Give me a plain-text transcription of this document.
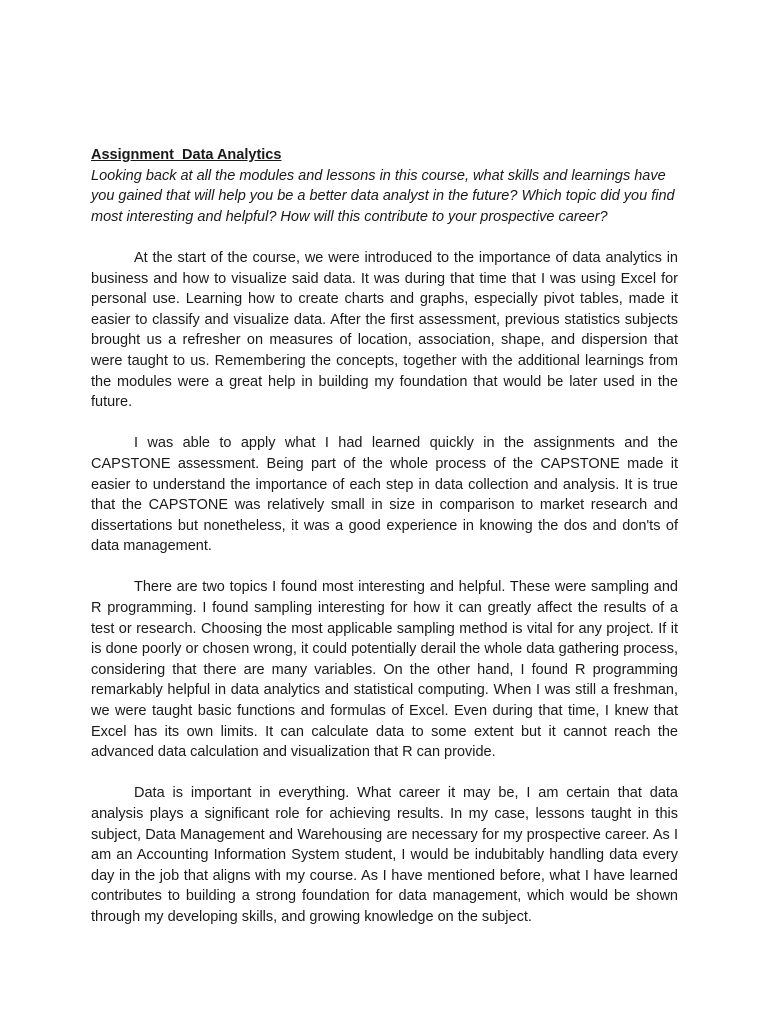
Assignment  Data Analytics

Looking back at all the modules and lessons in this course, what skills and learnings have you gained that will help you be a better data analyst in the future? Which topic did you find most interesting and helpful? How will this contribute to your prospective career?

At the start of the course, we were introduced to the importance of data analytics in business and how to visualize said data. It was during that time that I was using Excel for personal use. Learning how to create charts and graphs, especially pivot tables, made it easier to classify and visualize data. After the first assessment, previous statistics subjects brought us a refresher on measures of location, association, shape, and dispersion that were taught to us. Remembering the concepts, together with the additional learnings from the modules were a great help in building my foundation that would be later used in the future.

I was able to apply what I had learned quickly in the assignments and the CAPSTONE assessment. Being part of the whole process of the CAPSTONE made it easier to understand the importance of each step in data collection and analysis. It is true that the CAPSTONE was relatively small in size in comparison to market research and dissertations but nonetheless, it was a good experience in knowing the dos and don'ts of data management.

There are two topics I found most interesting and helpful. These were sampling and R programming. I found sampling interesting for how it can greatly affect the results of a test or research. Choosing the most applicable sampling method is vital for any project. If it is done poorly or chosen wrong, it could potentially derail the whole data gathering process, considering that there are many variables. On the other hand, I found R programming remarkably helpful in data analytics and statistical computing. When I was still a freshman, we were taught basic functions and formulas of Excel. Even during that time, I knew that Excel has its own limits. It can calculate data to some extent but it cannot reach the advanced data calculation and visualization that R can provide.

Data is important in everything. What career it may be, I am certain that data analysis plays a significant role for achieving results. In my case, lessons taught in this subject, Data Management and Warehousing are necessary for my prospective career. As I am an Accounting Information System student, I would be indubitably handling data every day in the job that aligns with my course. As I have mentioned before, what I have learned contributes to building a strong foundation for data management, which would be shown through my developing skills, and growing knowledge on the subject.
